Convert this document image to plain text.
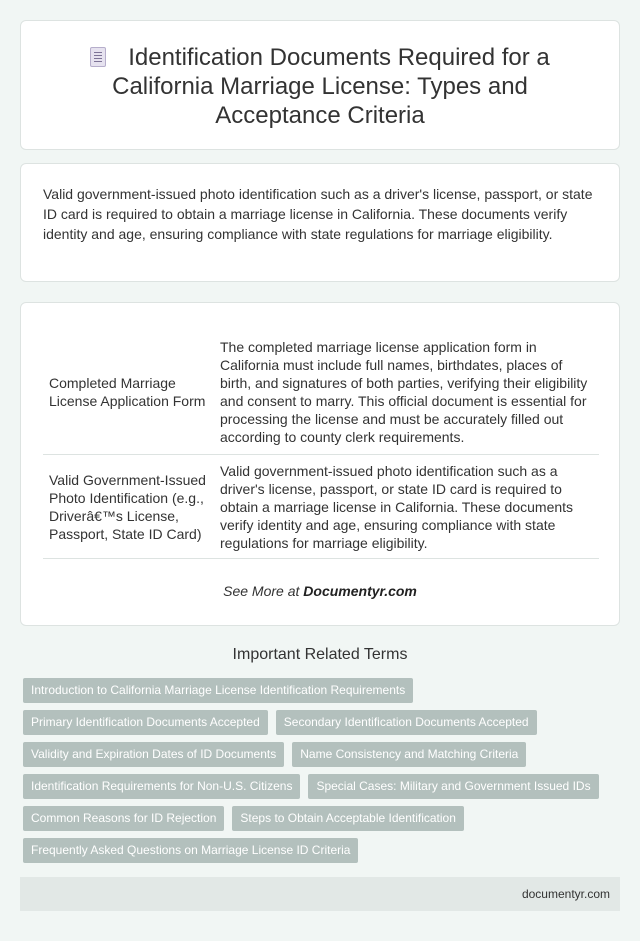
Identification Documents Required for a California Marriage License: Types and Acceptance Criteria

Valid government-issued photo identification such as a driver's license, passport, or state ID card is required to obtain a marriage license in California. These documents verify identity and age, ensuring compliance with state regulations for marriage eligibility.

Completed Marriage License Application Form	The completed marriage license application form in California must include full names, birthdates, places of birth, and signatures of both parties, verifying their eligibility and consent to marry. This official document is essential for processing the license and must be accurately filled out according to county clerk requirements.
Valid Government-Issued Photo Identification (e.g., Driverâ€™s License, Passport, State ID Card)	Valid government-issued photo identification such as a driver's license, passport, or state ID card is required to obtain a marriage license in California. These documents verify identity and age, ensuring compliance with state regulations for marriage eligibility.
See More at Documentyr.com
Important Related Terms
Introduction to California Marriage License Identification Requirements
Primary Identification Documents Accepted	Secondary Identification Documents Accepted
Validity and Expiration Dates of ID Documents	Name Consistency and Matching Criteria
Identification Requirements for Non-U.S. Citizens	Special Cases: Military and Government Issued IDs
Common Reasons for ID Rejection	Steps to Obtain Acceptable Identification
Frequently Asked Questions on Marriage License ID Criteria
documentyr.com
